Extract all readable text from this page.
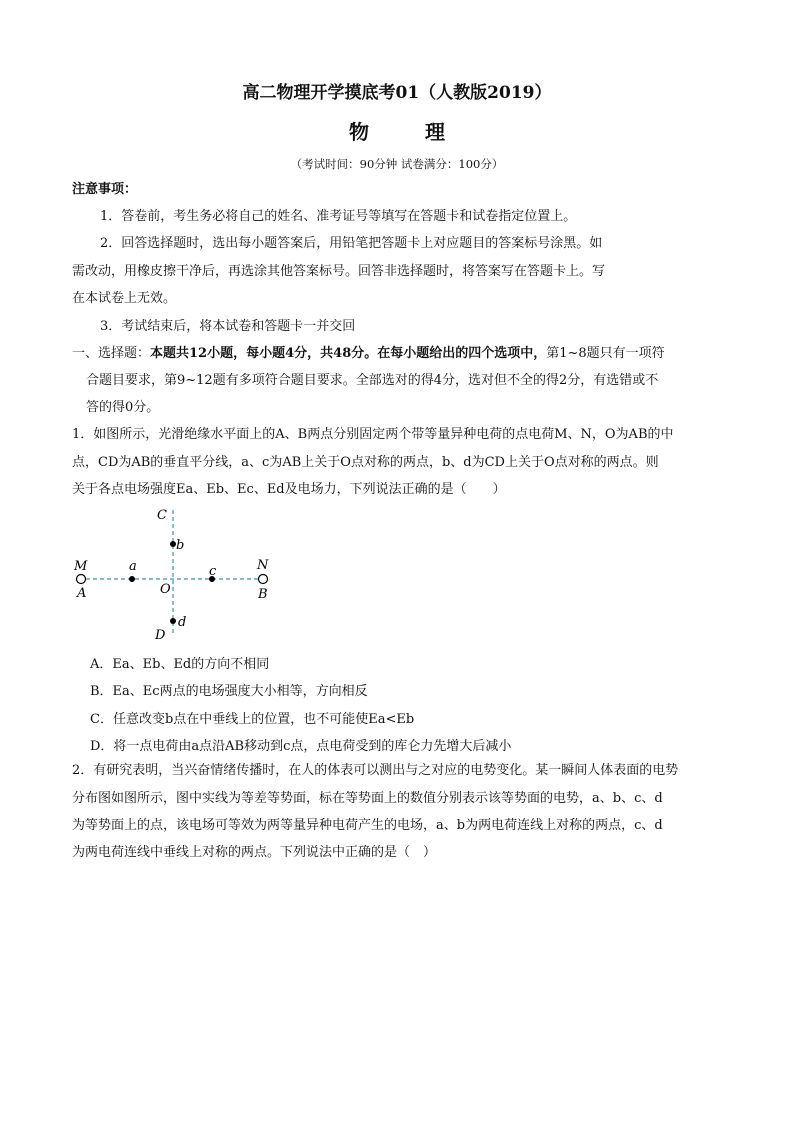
高二物理开学摸底考01（人教版2019）
物	理
（考试时间：90分钟 试卷满分：100分）
注意事项：
1．答卷前，考生务必将自己的姓名、准考证号等填写在答题卡和试卷指定位置上。
2．回答选择题时，选出每小题答案后，用铅笔把答题卡上对应题目的答案标号涂黑。如
需改动，用橡皮擦干净后，再选涂其他答案标号。回答非选择题时，将答案写在答题卡上。写
在本试卷上无效。
3．考试结束后，将本试卷和答题卡一并交回
一、选择题：本题共12小题，每小题4分，共48分。在每小题给出的四个选项中，第1~8题只有一项符
合题目要求，第9~12题有多项符合题目要求。全部选对的得4分，选对但不全的得2分，有选错或不
答的得0分。
1．如图所示，光滑绝缘水平面上的A、B两点分别固定两个带等量异种电荷的点电荷M、N，O为AB的中
点，CD为AB的垂直平分线，a、c为AB上关于O点对称的两点，b、d为CD上关于O点对称的两点。则
关于各点电场强度Ea、Eb、Ec、Ed及电场力，下列说法正确的是（　　）
C
b
M
A
a
O
c	N
B
d
D
A．Ea、Eb、Ed的方向不相同
B．Ea、Ec两点的电场强度大小相等，方向相反
C．任意改变b点在中垂线上的位置，也不可能使Ea<Eb
D．将一点电荷由a点沿AB移动到c点，点电荷受到的库仑力先增大后减小
2．有研究表明，当兴奋情绪传播时，在人的体表可以测出与之对应的电势变化。某一瞬间人体表面的电势
分布图如图所示，图中实线为等差等势面，标在等势面上的数值分别表示该等势面的电势，a、b、c、d
为等势面上的点，该电场可等效为两等量异种电荷产生的电场，a、b为两电荷连线上对称的两点，c、d
为两电荷连线中垂线上对称的两点。下列说法中正确的是（　）
